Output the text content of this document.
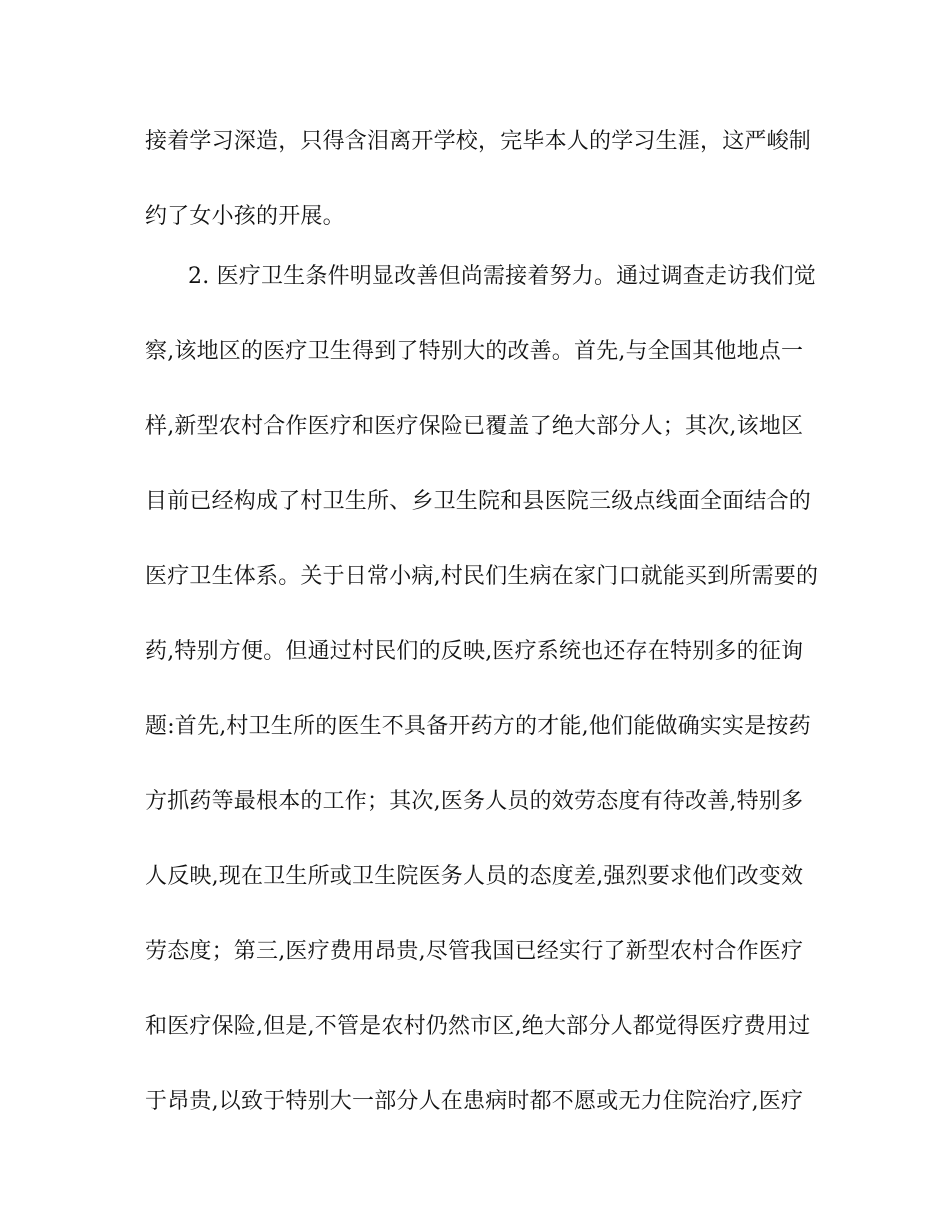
接着学习深造，只得含泪离开学校，完毕本人的学习生涯，这严峻制
约了女小孩的开展。
2. 医疗卫生条件明显改善但尚需接着努力。通过调查走访我们觉
察,该地区的医疗卫生得到了特别大的改善。首先,与全国其他地点一
样,新型农村合作医疗和医疗保险已覆盖了绝大部分人；其次,该地区
目前已经构成了村卫生所、乡卫生院和县医院三级点线面全面结合的
医疗卫生体系。关于日常小病,村民们生病在家门口就能买到所需要的
药,特别方便。但通过村民们的反映,医疗系统也还存在特别多的征询
题:首先,村卫生所的医生不具备开药方的才能,他们能做确实实是按药
方抓药等最根本的工作；其次,医务人员的效劳态度有待改善,特别多
人反映,现在卫生所或卫生院医务人员的态度差,强烈要求他们改变效
劳态度；第三,医疗费用昂贵,尽管我国已经实行了新型农村合作医疗
和医疗保险,但是,不管是农村仍然市区,绝大部分人都觉得医疗费用过
于昂贵,以致于特别大一部分人在患病时都不愿或无力住院治疗,医疗
